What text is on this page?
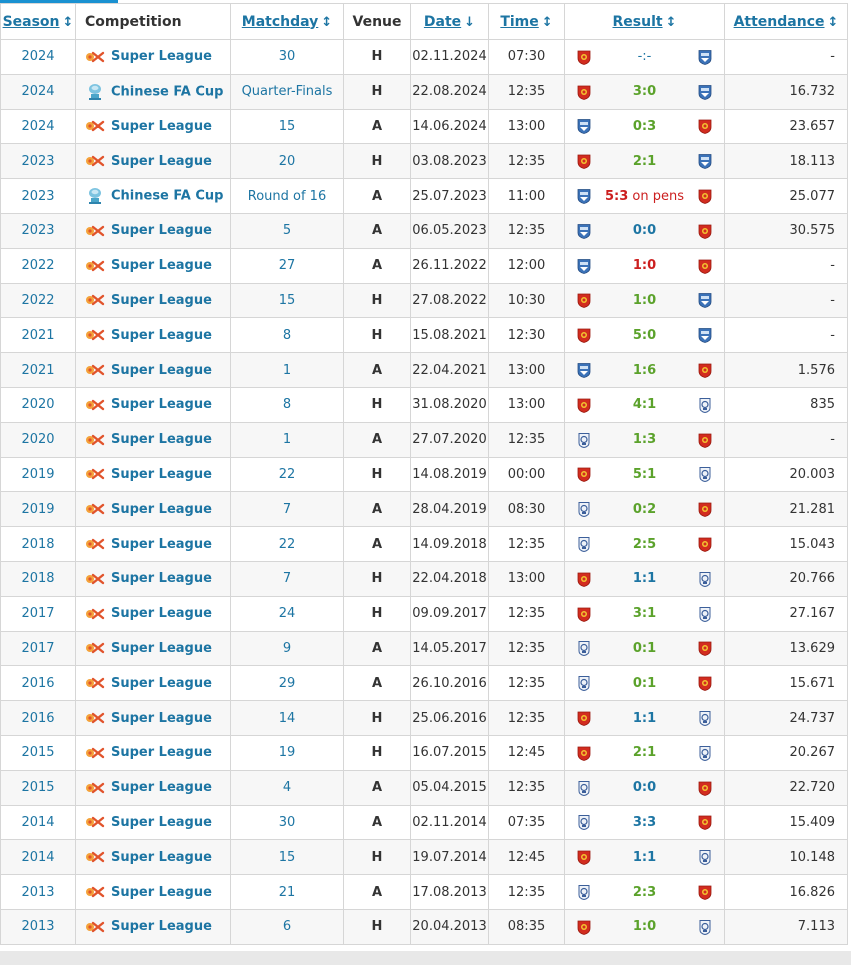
Season ↕	Competition	Matchday ↕	Venue	Date ↓	Time ↕	Result ↕	Attendance ↕
2024	Super League	30	H	02.11.2024	07:30	-:-	-
2024	Chinese FA Cup	Quarter-Finals	H	22.08.2024	12:35	3:0	16.732
2024	Super League	15	A	14.06.2024	13:00	0:3	23.657
2023	Super League	20	H	03.08.2023	12:35	2:1	18.113
2023	Chinese FA Cup	Round of 16	A	25.07.2023	11:00	5:3 on pens	25.077
2023	Super League	5	A	06.05.2023	12:35	0:0	30.575
2022	Super League	27	A	26.11.2022	12:00	1:0	-
2022	Super League	15	H	27.08.2022	10:30	1:0	-
2021	Super League	8	H	15.08.2021	12:30	5:0	-
2021	Super League	1	A	22.04.2021	13:00	1:6	1.576
2020	Super League	8	H	31.08.2020	13:00	4:1	835
2020	Super League	1	A	27.07.2020	12:35	1:3	-
2019	Super League	22	H	14.08.2019	00:00	5:1	20.003
2019	Super League	7	A	28.04.2019	08:30	0:2	21.281
2018	Super League	22	A	14.09.2018	12:35	2:5	15.043
2018	Super League	7	H	22.04.2018	13:00	1:1	20.766
2017	Super League	24	H	09.09.2017	12:35	3:1	27.167
2017	Super League	9	A	14.05.2017	12:35	0:1	13.629
2016	Super League	29	A	26.10.2016	12:35	0:1	15.671
2016	Super League	14	H	25.06.2016	12:35	1:1	24.737
2015	Super League	19	H	16.07.2015	12:45	2:1	20.267
2015	Super League	4	A	05.04.2015	12:35	0:0	22.720
2014	Super League	30	A	02.11.2014	07:35	3:3	15.409
2014	Super League	15	H	19.07.2014	12:45	1:1	10.148
2013	Super League	21	A	17.08.2013	12:35	2:3	16.826
2013	Super League	6	H	20.04.2013	08:35	1:0	7.113
